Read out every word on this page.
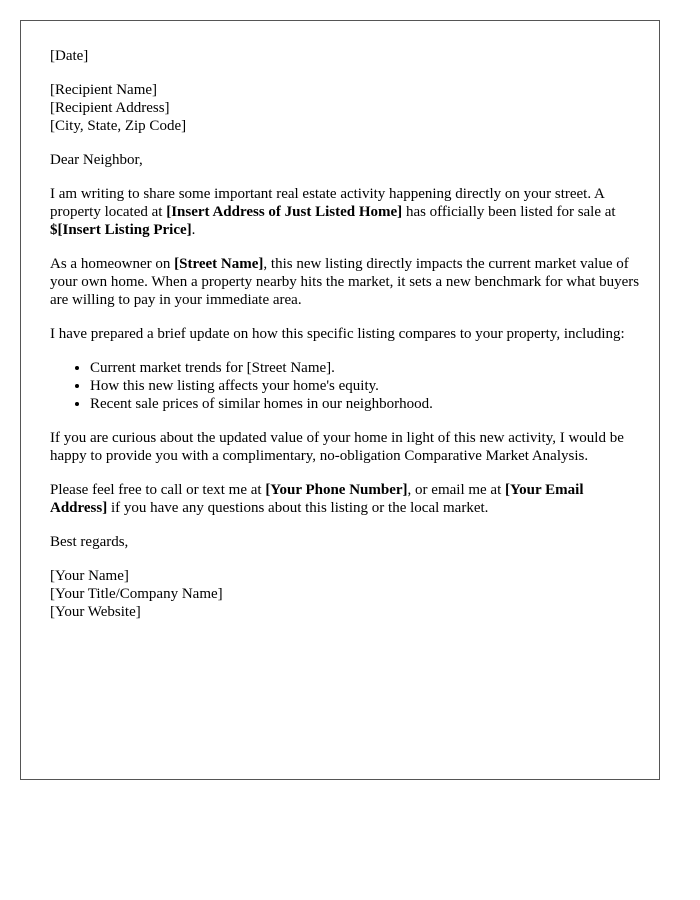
[Date]

[Recipient Name]
[Recipient Address]
[City, State, Zip Code]

Dear Neighbor,

I am writing to share some important real estate activity happening directly on your street. A property located at [Insert Address of Just Listed Home] has officially been listed for sale at $[Insert Listing Price].

As a homeowner on [Street Name], this new listing directly impacts the current market value of your own home. When a property nearby hits the market, it sets a new benchmark for what buyers are willing to pay in your immediate area.

I have prepared a brief update on how this specific listing compares to your property, including:

• Current market trends for [Street Name].
• How this new listing affects your home's equity.
• Recent sale prices of similar homes in our neighborhood.

If you are curious about the updated value of your home in light of this new activity, I would be happy to provide you with a complimentary, no-obligation Comparative Market Analysis.

Please feel free to call or text me at [Your Phone Number], or email me at [Your Email Address] if you have any questions about this listing or the local market.

Best regards,

[Your Name]
[Your Title/Company Name]
[Your Website]
